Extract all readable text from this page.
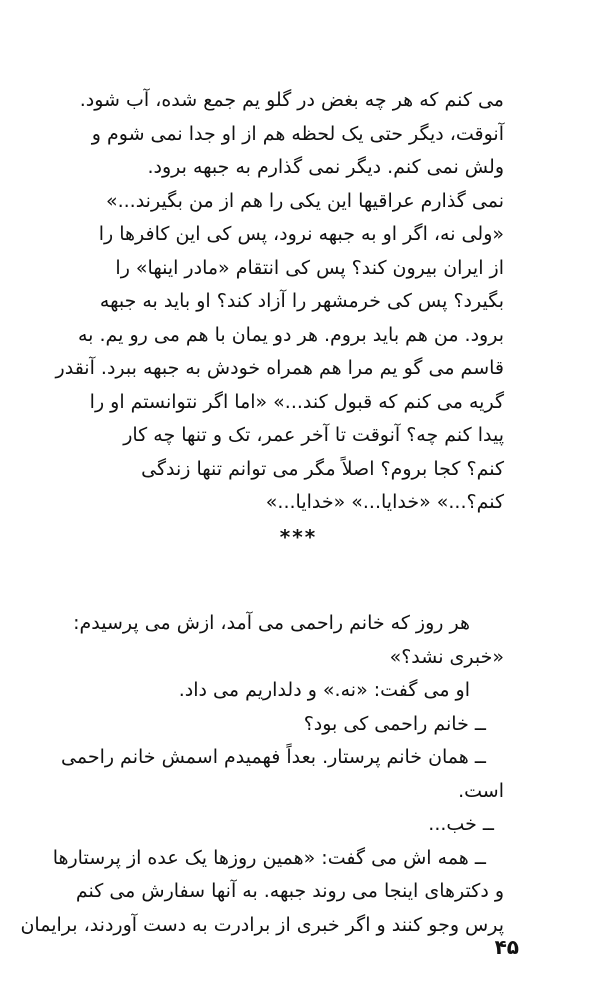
می کنم که هر چه بغض در گلو یم جمع شده، آب شود.
آنوقت، دیگر حتی یک لحظه هم از او جدا نمی شوم و
ولش نمی کنم. دیگر نمی گذارم به جبهه برود.
نمی گذارم عراقیها این یکی را هم از من بگیرند...»
«ولی نه، اگر او به جبهه نرود، پس کی این کافرها را
از ایران بیرون کند؟ پس کی انتقام «مادر اینها» را
بگیرد؟ پس کی خرمشهر را آزاد کند؟ او باید به جبهه
برود. من هم باید بروم. هر دو یمان با هم می رو یم. به
قاسم می گو یم مرا هم همراه خودش به جبهه ببرد. آنقدر
گریه می کنم که قبول کند...» «اما اگر نتوانستم او را
پیدا کنم چه؟ آنوقت تا آخر عمر، تک و تنها چه کار
کنم؟ کجا بروم؟ اصلاً مگر می توانم تنها زندگی
کنم؟...» «خدایا...» «خدایا...»
***
هر روز که خانم راحمی می آمد، ازش می پرسیدم:
«خبری نشد؟»
او می گفت: «نه.» و دلداریم می داد.
ــ خانم راحمی کی بود؟
ــ همان خانم پرستار. بعداً فهمیدم اسمش خانم راحمی
است.
ــ خب...
ــ همه اش می گفت: «همین روزها یک عده از پرستارها
و دکترهای اینجا می روند جبهه. به آنها سفارش می کنم
پرس وجو کنند و اگر خبری از برادرت به دست آوردند، برایمان
۴۵
